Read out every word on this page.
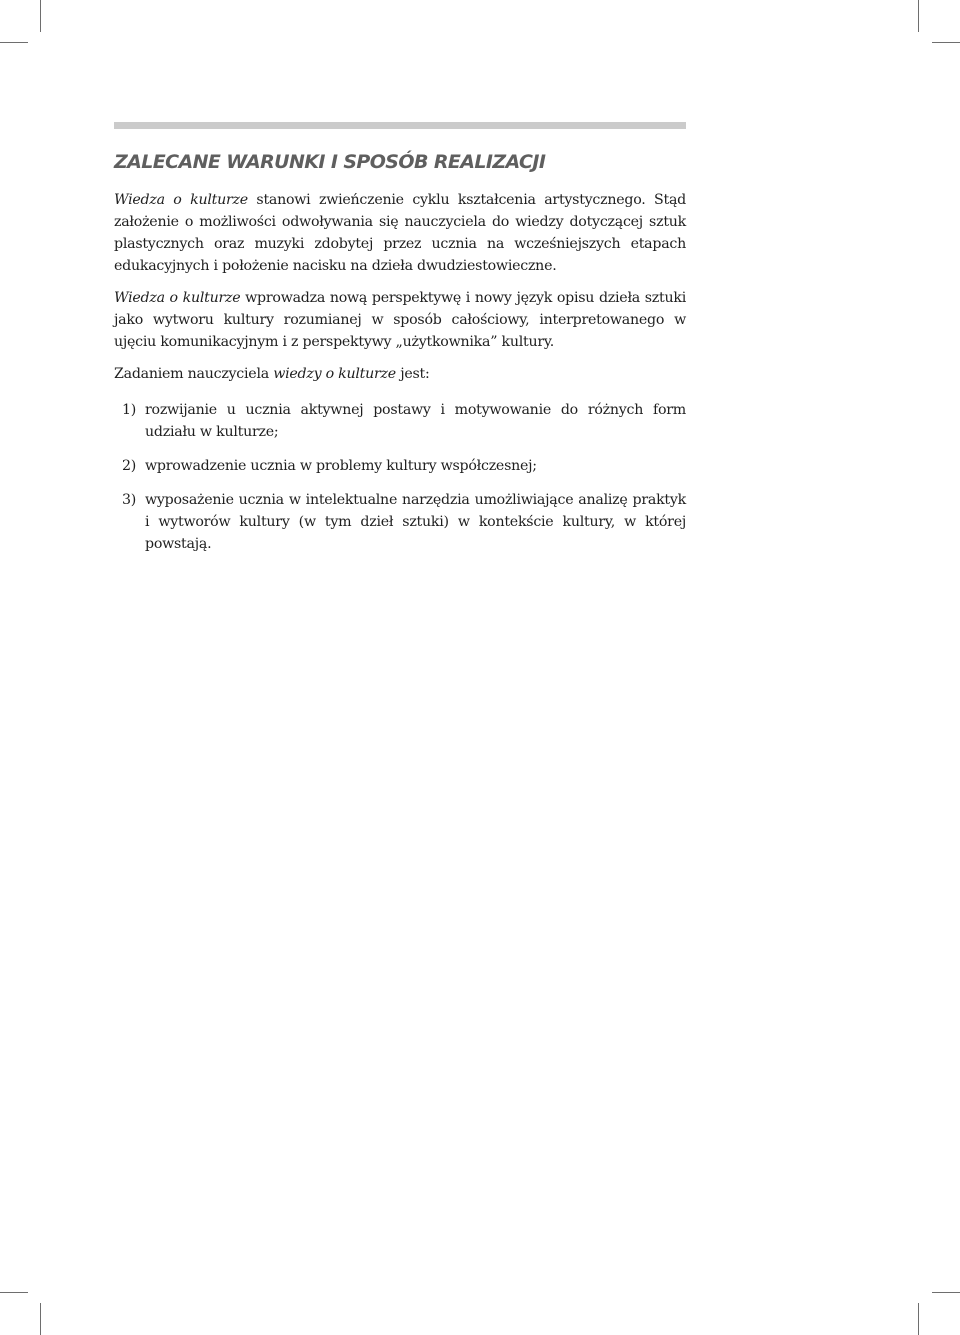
ZALECANE WARUNKI I SPOSÓB REALIZACJI

Wiedza o kulturze stanowi zwieńczenie cyklu kształcenia artystycznego. Stąd założenie o możliwości odwoływania się nauczyciela do wiedzy dotyczącej sztuk plastycznych oraz muzyki zdobytej przez ucznia na wcześniejszych etapach edukacyjnych i położenie nacisku na dzieła dwudziestowieczne.

Wiedza o kulturze wprowadza nową perspektywę i nowy język opisu dzieła sztuki jako wytworu kultury rozumianej w sposób całościowy, interpretowanego w ujęciu komunikacyjnym i z perspektywy „użytkownika” kultury.

Zadaniem nauczyciela wiedzy o kulturze jest:

1) rozwijanie u ucznia aktywnej postawy i motywowanie do różnych form udziału w kulturze;
2) wprowadzenie ucznia w problemy kultury współczesnej;
3) wyposażenie ucznia w intelektualne narzędzia umożliwiające analizę praktyk i wytworów kultury (w tym dzieł sztuki) w kontekście kultury, w której powstają.
